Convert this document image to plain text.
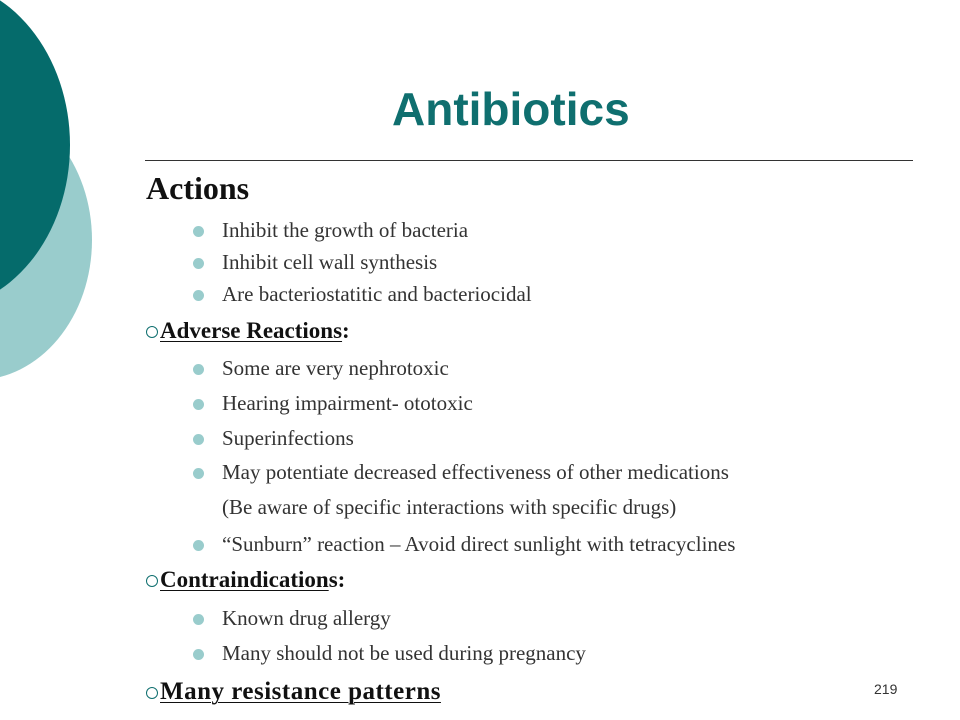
Antibiotics
Actions
Inhibit the growth of bacteria
Inhibit cell wall synthesis
Are bacteriostatitic and bacteriocidal
Adverse Reactions:
Some are very nephrotoxic
Hearing impairment- ototoxic
Superinfections
May potentiate decreased effectiveness of other medications
(Be aware of specific interactions with specific drugs)
“Sunburn” reaction – Avoid direct sunlight with tetracyclines
Contraindications:
Known drug allergy
Many should not be used during pregnancy
Many resistance patterns	219
